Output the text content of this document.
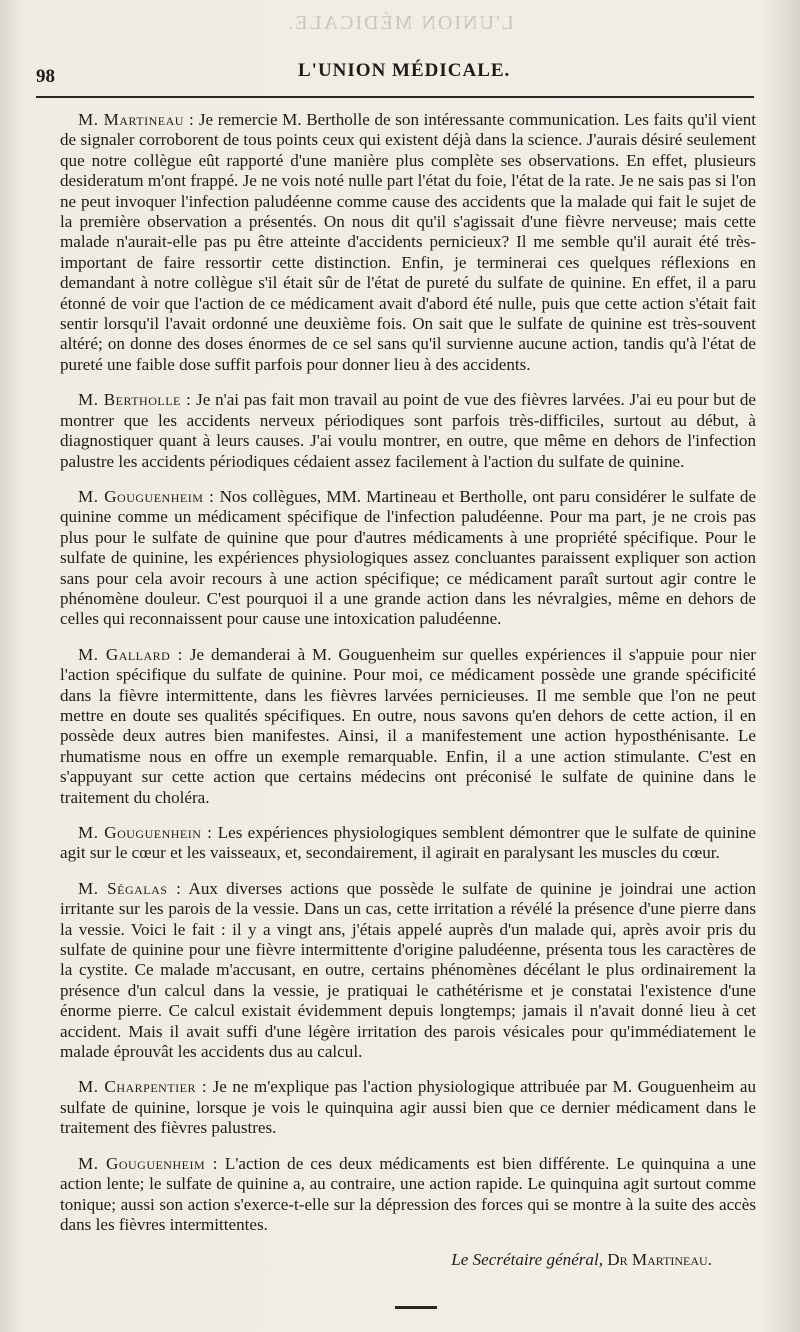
L'UNION MÉDICALE.
98	L'UNION MÉDICALE.

M. Martineau : Je remercie M. Bertholle de son intéressante communication. Les faits qu'il vient de signaler corroborent de tous points ceux qui existent déjà dans la science. J'aurais désiré seulement que notre collègue eût rapporté d'une manière plus complète ses observations. En effet, plusieurs desideratum m'ont frappé. Je ne vois noté nulle part l'état du foie, l'état de la rate. Je ne sais pas si l'on ne peut invoquer l'infection paludéenne comme cause des accidents que la malade qui fait le sujet de la première observation a présentés. On nous dit qu'il s'agissait d'une fièvre nerveuse; mais cette malade n'aurait-elle pas pu être atteinte d'accidents pernicieux? Il me semble qu'il aurait été très-important de faire ressortir cette distinction. Enfin, je terminerai ces quelques réflexions en demandant à notre collègue s'il était sûr de l'état de pureté du sulfate de quinine. En effet, il a paru étonné de voir que l'action de ce médicament avait d'abord été nulle, puis que cette action s'était fait sentir lorsqu'il l'avait ordonné une deuxième fois. On sait que le sulfate de quinine est très-souvent altéré; on donne des doses énormes de ce sel sans qu'il survienne aucune action, tandis qu'à l'état de pureté une faible dose suffit parfois pour donner lieu à des accidents.

M. Bertholle : Je n'ai pas fait mon travail au point de vue des fièvres larvées. J'ai eu pour but de montrer que les accidents nerveux périodiques sont parfois très-difficiles, surtout au début, à diagnostiquer quant à leurs causes. J'ai voulu montrer, en outre, que même en dehors de l'infection palustre les accidents périodiques cédaient assez facilement à l'action du sulfate de quinine.

M. Gouguenheim : Nos collègues, MM. Martineau et Bertholle, ont paru considérer le sulfate de quinine comme un médicament spécifique de l'infection paludéenne. Pour ma part, je ne crois pas plus pour le sulfate de quinine que pour d'autres médicaments à une propriété spécifique. Pour le sulfate de quinine, les expériences physiologiques assez concluantes paraissent expliquer son action sans pour cela avoir recours à une action spécifique; ce médicament paraît surtout agir contre le phénomène douleur. C'est pourquoi il a une grande action dans les névralgies, même en dehors de celles qui reconnaissent pour cause une intoxication paludéenne.

M. Gallard : Je demanderai à M. Gouguenheim sur quelles expériences il s'appuie pour nier l'action spécifique du sulfate de quinine. Pour moi, ce médicament possède une grande spécificité dans la fièvre intermittente, dans les fièvres larvées pernicieuses. Il me semble que l'on ne peut mettre en doute ses qualités spécifiques. En outre, nous savons qu'en dehors de cette action, il en possède deux autres bien manifestes. Ainsi, il a manifestement une action hyposthénisante. Le rhumatisme nous en offre un exemple remarquable. Enfin, il a une action stimulante. C'est en s'appuyant sur cette action que certains médecins ont préconisé le sulfate de quinine dans le traitement du choléra.

M. Gouguenhein : Les expériences physiologiques semblent démontrer que le sulfate de quinine agit sur le cœur et les vaisseaux, et, secondairement, il agirait en paralysant les muscles du cœur.

M. Ségalas : Aux diverses actions que possède le sulfate de quinine je joindrai une action irritante sur les parois de la vessie. Dans un cas, cette irritation a révélé la présence d'une pierre dans la vessie. Voici le fait : il y a vingt ans, j'étais appelé auprès d'un malade qui, après avoir pris du sulfate de quinine pour une fièvre intermittente d'origine paludéenne, présenta tous les caractères de la cystite. Ce malade m'accusant, en outre, certains phénomènes décélant le plus ordinairement la présence d'un calcul dans la vessie, je pratiquai le cathétérisme et je constatai l'existence d'une énorme pierre. Ce calcul existait évidemment depuis longtemps; jamais il n'avait donné lieu à cet accident. Mais il avait suffi d'une légère irritation des parois vésicales pour qu'immédiatement le malade éprouvât les accidents dus au calcul.

M. Charpentier : Je ne m'explique pas l'action physiologique attribuée par M. Gouguenheim au sulfate de quinine, lorsque je vois le quinquina agir aussi bien que ce dernier médicament dans le traitement des fièvres palustres.

M. Gouguenheim : L'action de ces deux médicaments est bien différente. Le quinquina a une action lente; le sulfate de quinine a, au contraire, une action rapide. Le quinquina agit surtout comme tonique; aussi son action s'exerce-t-elle sur la dépression des forces qui se montre à la suite des accès dans les fièvres intermittentes.

Le Secrétaire général, Dr Martineau.
